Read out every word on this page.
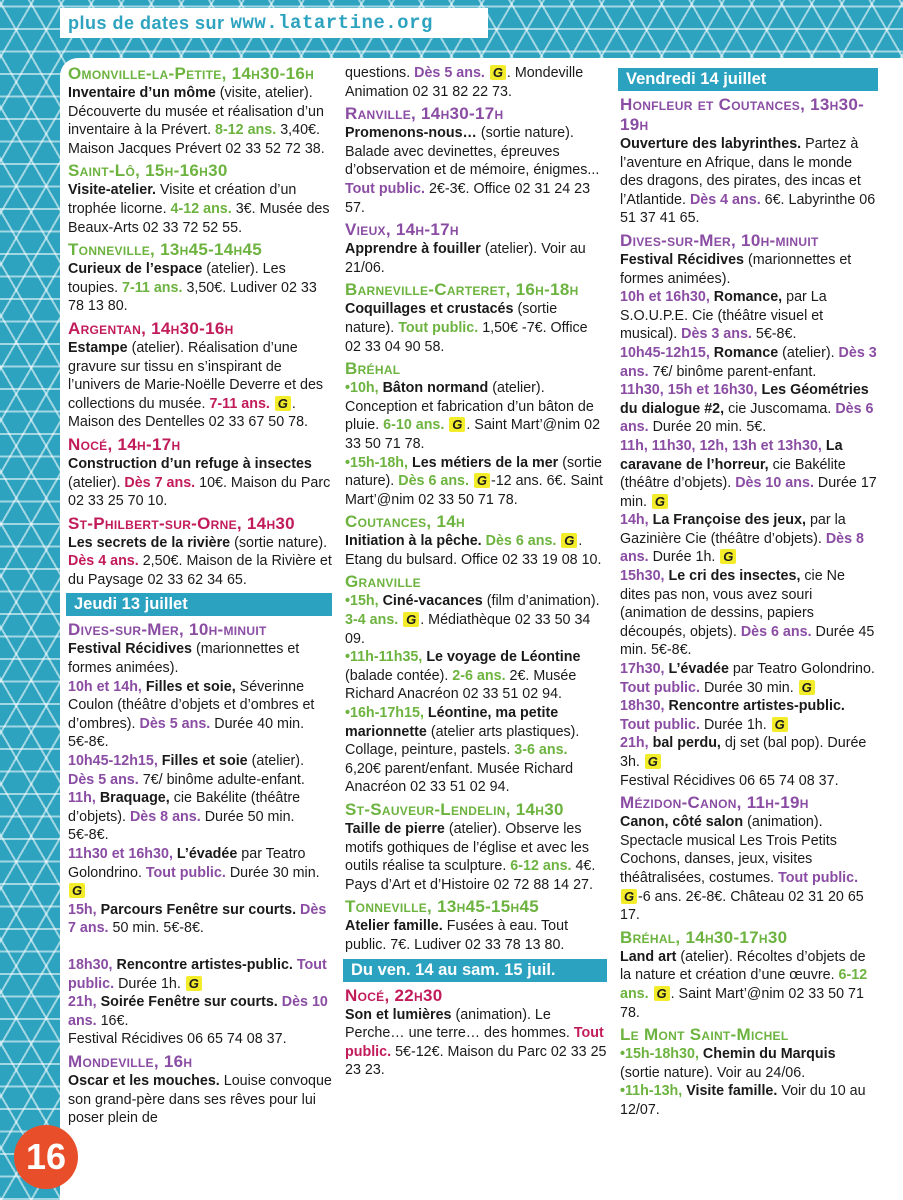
plus de dates sur www.latartine.org
Omonville-la-Petite, 14h30-16h

Inventaire d’un môme (visite, atelier). Découverte du musée et réalisation d’un inventaire à la Prévert. 8-12 ans. 3,40€. Maison Jacques Prévert 02 33 52 72 38.

Saint-Lô, 15h-16h30

Visite-atelier. Visite et création d’un trophée licorne. 4-12 ans. 3€. Musée des Beaux-Arts 02 33 72 52 55.

Tonneville, 13h45-14h45

Curieux de l’espace (atelier). Les toupies. 7-11 ans. 3,50€. Ludiver 02 33 78 13 80.

Argentan, 14h30-16h

Estampe (atelier). Réalisation d’une gravure sur tissu en s’inspirant de l’univers de Marie-Noëlle Deverre et des collections du musée. 7-11 ans. G . Maison des Dentelles 02 33 67 50 78.

Nocé, 14h-17h

Construction d’un refuge à insectes (atelier). Dès 7 ans. 10€. Maison du Parc 02 33 25 70 10.

St-Philbert-sur-Orne, 14h30

Les secrets de la rivière (sortie nature). Dès 4 ans. 2,50€. Maison de la Rivière et du Paysage 02 33 62 34 65.

Jeudi 13 juillet
Dives-sur-Mer, 10h-minuit

Festival Récidives (marionnettes et formes animées).

10h et 14h, Filles et soie, Séverinne Coulon (théâtre d’objets et d’ombres et d’ombres). Dès 5 ans. Durée 40 min. 5€-8€.

10h45-12h15, Filles et soie (atelier). Dès 5 ans. 7€/ binôme adulte-enfant.

11h, Braquage, cie Bakélite (théâtre d’objets). Dès 8 ans. Durée 50 min. 5€-8€.

11h30 et 16h30, L’évadée par Teatro Golondrino. Tout public. Durée 30 min. G

15h, Parcours Fenêtre sur courts. Dès 7 ans. 50 min. 5€-8€.

18h30, Rencontre artistes-public. Tout public. Durée 1h. G

21h, Soirée Fenêtre sur courts. Dès 10 ans. 16€.

Festival Récidives 06 65 74 08 37.

Mondeville, 16h

Oscar et les mouches. Louise convoque son grand-père dans ses rêves pour lui poser plein de

questions. Dès 5 ans. G . Mondeville Animation 02 31 82 22 73.

Ranville, 14h30-17h

Promenons-nous… (sortie nature). Balade avec devinettes, épreuves d’observation et de mémoire, énigmes... Tout public. 2€-3€. Office 02 31 24 23 57.

Vieux, 14h-17h

Apprendre à fouiller (atelier). Voir au 21/06.

Barneville-Carteret, 16h-18h

Coquillages et crustacés (sortie nature). Tout public. 1,50€ -7€. Office 02 33 04 90 58.

Bréhal

•10h, Bâton normand (atelier). Conception et fabrication d’un bâton de pluie. 6-10 ans. G . Saint Mart’@nim 02 33 50 71 78.

•15h-18h, Les métiers de la mer (sortie nature). Dès 6 ans. G -12 ans. 6€. Saint Mart’@nim 02 33 50 71 78.

Coutances, 14h

Initiation à la pêche. Dès 6 ans. G . Etang du bulsard. Office 02 33 19 08 10.

Granville

•15h, Ciné-vacances (film d’animation). 3-4 ans. G . Médiathèque 02 33 50 34 09.

•11h-11h35, Le voyage de Léontine (balade contée). 2-6 ans. 2€. Musée Richard Anacréon 02 33 51 02 94.

•16h-17h15, Léontine, ma petite marionnette (atelier arts plastiques). Collage, peinture, pastels. 3-6 ans. 6,20€ parent/enfant. Musée Richard Anacréon 02 33 51 02 94.

St-Sauveur-Lendelin, 14h30

Taille de pierre (atelier). Observe les motifs gothiques de l’église et avec les outils réalise ta sculpture. 6-12 ans. 4€. Pays d’Art et d’Histoire 02 72 88 14 27.

Tonneville, 13h45-15h45

Atelier famille. Fusées à eau. Tout public. 7€. Ludiver 02 33 78 13 80.

Du ven. 14 au sam. 15 juil.
Nocé, 22h30

Son et lumières (animation). Le Perche… une terre… des hommes. Tout public. 5€-12€. Maison du Parc 02 33 25 23 23.

Vendredi 14 juillet
Honfleur et Coutances, 13h30-19h

Ouverture des labyrinthes. Partez à l’aventure en Afrique, dans le monde des dragons, des pirates, des incas et l’Atlantide. Dès 4 ans. 6€. Labyrinthe 06 51 37 41 65.

Dives-sur-Mer, 10h-minuit

Festival Récidives (marionnettes et formes animées).

10h et 16h30, Romance, par La S.O.U.P.E. Cie (théâtre visuel et musical). Dès 3 ans. 5€-8€.

10h45-12h15, Romance (atelier). Dès 3 ans. 7€/ binôme parent-enfant.

11h30, 15h et 16h30, Les Géométries du dialogue #2, cie Juscomama. Dès 6 ans. Durée 20 min. 5€.

11h, 11h30, 12h, 13h et 13h30, La caravane de l’horreur, cie Bakélite (théâtre d’objets). Dès 10 ans. Durée 17 min. G

14h, La Françoise des jeux, par la Gazinière Cie (théâtre d’objets). Dès 8 ans. Durée 1h. G

15h30, Le cri des insectes, cie Ne dites pas non, vous avez souri (animation de dessins, papiers découpés, objets). Dès 6 ans. Durée 45 min. 5€-8€.

17h30, L’évadée par Teatro Golondrino. Tout public. Durée 30 min. G

18h30, Rencontre artistes-public. Tout public. Durée 1h. G

21h, bal perdu, dj set (bal pop). Durée 3h. G

Festival Récidives 06 65 74 08 37.

Mézidon-Canon, 11h-19h

Canon, côté salon (animation). Spectacle musical Les Trois Petits Cochons, danses, jeux, visites théâtralisées, costumes. Tout public. G -6 ans. 2€-8€. Château 02 31 20 65 17.

Bréhal, 14h30-17h30

Land art (atelier). Récoltes d’objets de la nature et création d’une œuvre. 6-12 ans. G . Saint Mart’@nim 02 33 50 71 78.

Le Mont Saint-Michel

•15h-18h30, Chemin du Marquis (sortie nature). Voir au 24/06.

•11h-13h, Visite famille. Voir du 10 au 12/07.

16
